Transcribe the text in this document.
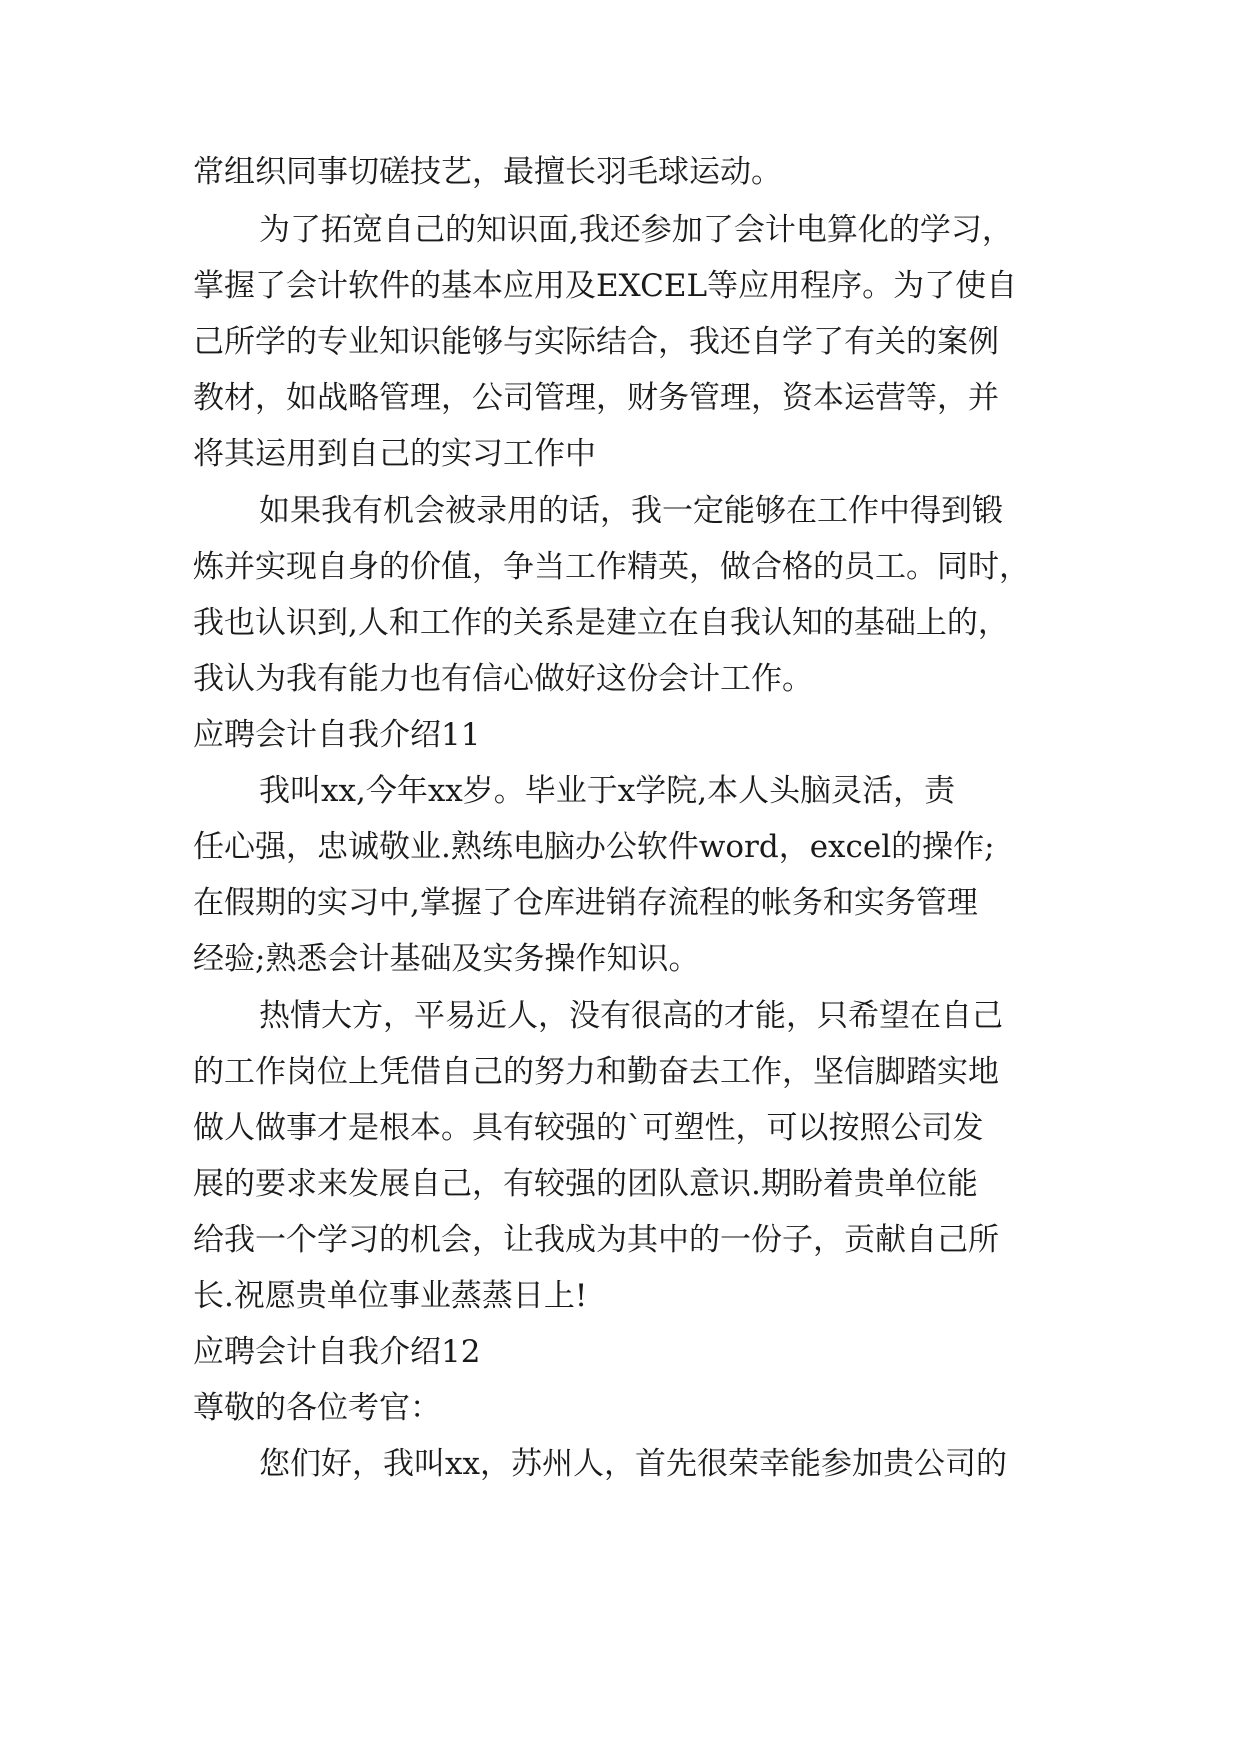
常组织同事切磋技艺，最擅长羽毛球运动。
为了拓宽自己的知识面,我还参加了会计电算化的学习，
掌握了会计软件的基本应用及EXCEL等应用程序。为了使自
己所学的专业知识能够与实际结合，我还自学了有关的案例
教材，如战略管理，公司管理，财务管理，资本运营等，并
将其运用到自己的实习工作中
如果我有机会被录用的话，我一定能够在工作中得到锻
炼并实现自身的价值，争当工作精英，做合格的员工。同时，
我也认识到,人和工作的关系是建立在自我认知的基础上的，
我认为我有能力也有信心做好这份会计工作。
应聘会计自我介绍11
我叫xx,今年xx岁。毕业于x学院,本人头脑灵活，责
任心强，忠诚敬业.熟练电脑办公软件word，excel的操作;
在假期的实习中,掌握了仓库进销存流程的帐务和实务管理
经验;熟悉会计基础及实务操作知识。
热情大方，平易近人，没有很高的才能，只希望在自己
的工作岗位上凭借自己的努力和勤奋去工作，坚信脚踏实地
做人做事才是根本。具有较强的`可塑性，可以按照公司发
展的要求来发展自己，有较强的团队意识.期盼着贵单位能
给我一个学习的机会，让我成为其中的一份子，贡献自己所
长.祝愿贵单位事业蒸蒸日上!
应聘会计自我介绍12
尊敬的各位考官：
您们好，我叫xx，苏州人，首先很荣幸能参加贵公司的
